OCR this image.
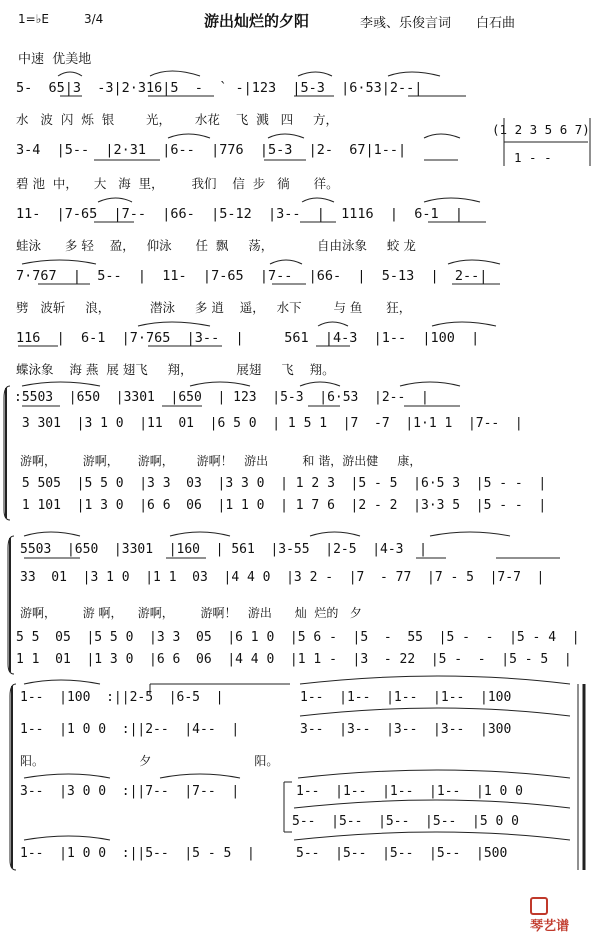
1=♭E	3/4	游出灿烂的夕阳	李彧、乐俊言词 白石曲
中速  优美地
5-  65|3  -3|2·316|5  -  ` -|123  |5-3  |6·53|2--|
水   波  闪  烁  银        光，      水花    飞  溅   四     方，
(1 2 3 5 6 7)
1 - -
3-4  |5--  |2·31  |6--  |776  |5-3  |2-  67|1--|
碧 池  中，    大   海  里，       我们    信  步   徜      徉。
11-  |7-65  |7--  |66-  |5-12  |3--  |  1116  |  6-1  |
蛙泳      多 轻    盈，   仰泳      任  飘     荡，           自由泳象     蛟 龙
7·767  |  5--  |  11-  |7-65  |7--  |66-  |  5-13  |  2--|
劈   波斩     浪，          潜泳     多 逍    遥，   水下        与 鱼      狂，
116  |  6-1  |7·765  |3--  |     561  |4-3  |1--  |100  |
蝶泳象    海 燕  展 翅飞     翔，           展翅     飞    翔。
:5503  |650  |3301  |650  | 123  |5-3  |6·53  |2--  |
3 301  |3 1 0  |11  01  |6 5 0  | 1 5 1  |7  -7  |1·1 1  |7--  |
游啊，       游啊，     游啊，      游啊！   游出         和 谐，游出健     康，
5 505  |5 5 0  |3 3  03  |3 3 0  | 1 2 3  |5 - 5  |6·5 3  |5 - -  |
1 101  |1 3 0  |6 6  06  |1 1 0  | 1 7 6  |2 - 2  |3·3 5  |5 - -  |
5503  |650  |3301  |160  | 561  |3-55  |2-5  |4-3  |
33  01  |3 1 0  |1 1  03  |4 4 0  |3 2 -  |7  - 77  |7 - 5  |7-7  |
游啊，       游 啊，    游啊，       游啊！   游出      灿  烂的   夕
5 5  05  |5 5 0  |3 3  05  |6 1 0  |5 6 -  |5  -  55  |5 -  -  |5 - 4  |
1 1  01  |1 3 0  |6 6  06  |4 4 0  |1 1 -  |3  - 22  |5 -  -  |5 - 5  |
1--  |100  :||2-5  |6-5  |	1--  |1--  |1--  |1--  |100
1--  |1 0 0  :||2--  |4--  |	3--  |3--  |3--  |3--  |300
阳。                         夕                           阳。
3--  |3 0 0  :||7--  |7--  |	1--  |1--  |1--  |1--  |1 0 0
5--  |5--  |5--  |5--  |5 0 0
1--  |1 0 0  :||5--  |5 - 5  |	5--  |5--  |5--  |5--  |500

琴艺谱
